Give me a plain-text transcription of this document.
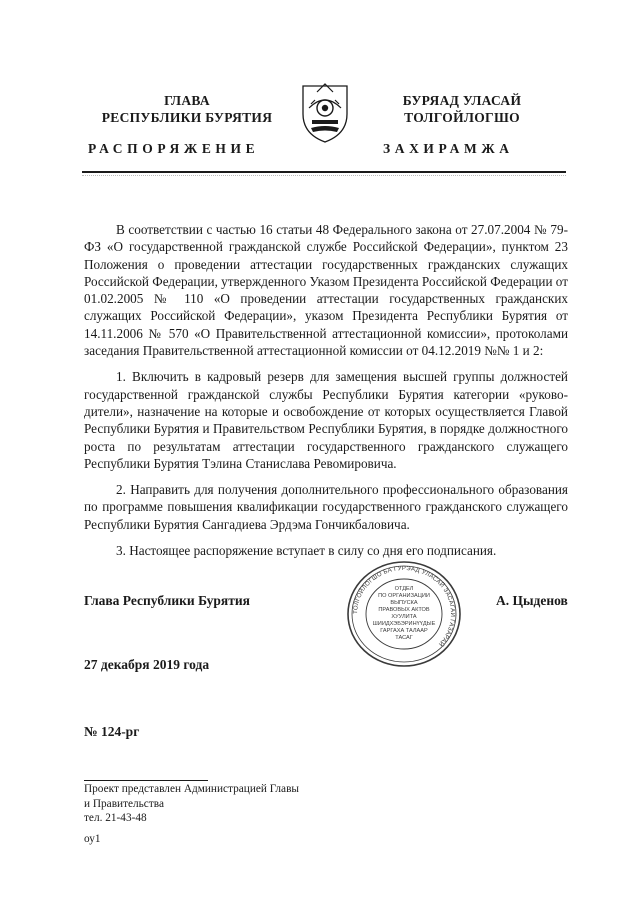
ГЛАВА
РЕСПУБЛИКИ БУРЯТИЯ
БУРЯАД УЛАСАЙ
ТОЛГОЙЛОГШО
РАСПОРЯЖЕНИЕ	ЗАХИРАМЖА

В соответствии с частью 16 статьи 48 Федерального закона от 27.07.2004 № 79-ФЗ «О государственной гражданской службе Российской Федерации», пунктом 23 Положения о проведении аттестации государственных гражданских служащих Российской Федерации, утвержденного Указом Президента Российской Федерации от 01.02.2005 № 110 «О проведении аттестации государственных гражданских служащих Российской Федерации», указом Президента Республики Бурятия от 14.11.2006 № 570 «О Правительственной аттестационной комиссии», протоколами заседания Правительственной аттестационной комиссии от 04.12.2019 №№ 1 и 2:

1. Включить в кадровый резерв для замещения высшей группы должностей государственной гражданской службы Республики Бурятия категории «руководители», назначение на которые и освобождение от которых осуществляется Главой Республики Бурятия и Правительством Республики Бурятия, в порядке должностного роста по результатам аттестации государственного гражданского служащего Республики Бурятия Тэлина Станислава Ревомировича.

2. Направить для получения дополнительного профессионального образования по программе повышения квалификации государственного гражданского служащего Республики Бурятия Сангадиева Эрдэма Гончикбаловича.

3. Настоящее распоряжение вступает в силу со дня его подписания.

Глава Республики Бурятия
ТОЛГОЙЛОГШО БА ГУРЭАД УЛАСАЙ ЗАСАГАЙ ГАЗАРАЙ
ОТДЕЛ
ПО ОРГАНИЗАЦИИ
ВЫПУСКА
ПРАВОВЫХ АКТОВ
ХУУЛИТА
ШИИДХЭБЭРИНҮҮДЫЕ
ГАРГАХА ТАЛААР
ТАСАГ
А. Цыденов
27 декабря 2019 года
№ 124-рг
Проект представлен Администрацией Главы
и Правительства
тел. 21-43-48
оу1
